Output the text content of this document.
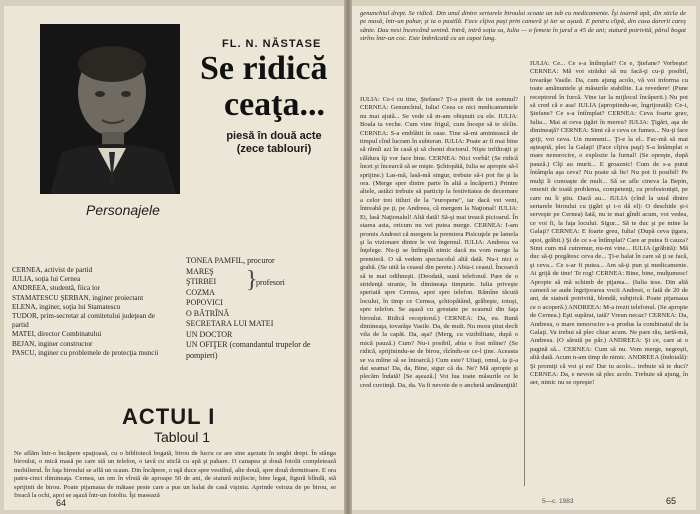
FL. N. NĂSTASE
Se ridică
ceaţa...
piesă în două acte (zece tablouri)
Personajele
CERNEA, activist de partid
IULIA, soţia lui Cernea
ANDREEA, studentă, fiica lor
STAMATESCU ŞERBAN, inginer proiectant
ELENA, inginer, soţia lui Stamatescu
TUDOR, prim-secretar al comitetului judeţean de partid
MATEI, director Combinatului
BEJAN, inginer constructor
PASCU, inginer cu problemele de protecţia muncii
TONEA PAMFIL, procuror
MAREŞ
ŞTIRBEI
COZMA
POPOVICI
O BĂTRÎNĂ
SECRETARA LUI MATEI
UN DOCTOR
UN OFIŢER (comandantul trupelor de pompieri)
}
profesori
ACTUL I
Tabloul 1
Ne aflăm într-o încăpere spaţioasă, cu o bibliotecă bogată, birou de lucru ce are sine aşezate în unghi drept. În stânga biroului, o mică masă pe care stă un telefon, o tavă cu sticlă cu apă şi pahare. O canapea şi două fotolii completează mobilierul. În faţa biroului se află un scaun. Din încăpere, o uşă duce spre vestibul, alte două, spre două dormitoare. E ora patru-cinci dimineaţa. Cernea, un om în vîrstă de aproape 50 de ani, de statură mijlocie, bine legat, figură blîndă, stă sprijinit de birou. Poate pijamaua de mătase peste care a pus un halat de casă vişiniu. Aprinde veioza de pe birou, se freacă la ochi, apoi se aşază într-un fotoliu. Îşi masează
64
genunchiul drept. Se ridică. Din unul dintre sertarele biroului scoate un tub cu medicamente. Îşi toarnă apă, din sticla de pe masă, într-un pahar, şi ia o pastilă. Face cîţiva paşi prin cameră şi iar se aşază. E pentru clipă, din casa darerii careş sănie. Dau nesi încercând senină. Intră, intră soţia sa, Iulia — o femeie în jurul a 45 de ani; statură potrivită, părul bogat strîns într-un coc. Este îmbrăcată cu un capot lung.
IULIA: Ce-i cu tine, Ştefane? Ţi-a pierit de tot somnul? CERNEA: Genunchiul, Iulia! Ceea ce nici medicamentele nu mai ajută... Se vede că m-am obişnuit cu ele. IULIA: Boala ta veche. Cum vine frigul, cum începe să te sîcîie. CERNEA: S-a emblătit în oase. Tine să-mi amintească de timpul cînd lucram în subteran. IULIA: Poate ar fi mai bine să rămîi azi în casă şi să chemi doctorul. Nişte infiltraţii şi căldura îţi vor face bine. CERNEA: Nici vorbă! (Se ridică încet şi încearcă să se mişte. Şchiopătă, Iulia se apropie să-l sprijine.) Las-mă, lasă-mă singur, trebuie să-i pot fie şi la ora. (Merge spre dintre parte în altă a încăperii.) Printre altele, astăzi trebuie să particip la festivitatea de decernare a celor trei titluri de la "europene", iar dacă vei veni, întreabă pe ţi, pe Andreea, că mergem la Naţional! IULIA: Ei, lasă Naţionalul! Altă dată! Să-şi mai treacă picioarul. În starea asta, oricum nu vei putea merge. CERNEA: I-am promis Andreei că mergem la premiera Pisicuţele pe lamela şi la vizionare dintre le voi îngemul. IULIA: Andreea va înţelege. Nu-ţi se întîmplă nimic dacă nu vom merge la premieră. O să vedem spectacolul altă dată. Nu-i nici o grabă. (Se uită la ceasul din perete.) Abia-i ceasul. Încearcă să te mai odihneşti. (Deodată, sună telefonul. Pare de o stridenţă stranie, în dimineaţa timpurie. Iulia priveşte speriată spre Cernea, apoi spre telefon. Rămîne tăcută locului, în timp ce Cernea, şchiopătând, grăbeşte, totuşi, spre telefon. Se aşază cu greutate pe scaunul din faţa biroului. Ridică receptorul.) CERNEA: Da, eu. Bună dimineaţa, tovarăşe Vasile. Da, de mult. Nu mora ştiut decît vila de la capăt. Da, aşa? (Merg, cu vizibilitate, după o mică pauză.) Cum? Nu-i posibil, abia e fost mîine? (Se ridică, sprijinindu-se de birou, rîzîndu-se ce-l ţine. Aceasta se va mîine să se întoarcă.) Cum este? Uitaţi, omul, ia ţi-a dat seama! Da, da, Bine, sigur că da. Ne? Mă apropie şi plecăm îndată! [Se aşează.] Voi lua toate măsurile ce le cred cuviinţă. Da, da. Va fi nevoie de o anchetă amănunţită!
IULIA: Ce... Ce s-a întîmplat? Ce e, Ştefane? Vorbeşte! CERNEA: Mă voi strădui să nu facă-ţi cu-ţi posibil, tovarăşe Vasile. Da, cum ajung acolo, vă voi informa cu toate amănuntele şi măsurile stabilite. La revedere! (Pune receptorul în furcă. Vine iar la mijlocul încăperii.) Nu pot să cred că e asa! IULIA (apropiindu-se, îngrijorată): Ce-i, Ştefane? Ce s-a întîmplat? CERNEA: Ceva foarte grav, Iulia... Mai ai ceva ţigări în mereu? IULIA: Ţigări, aşa de dimineaţă? CERNEA: Simt că e ceva ce fumez... Nu-ţi face griji, voi ceva. Un moment... Ţi-e la el.. Fac-mă să mai aşteaptă, plec la Galaţi! (Face cîţiva paşi) S-a întâmplat o mare nenorocire, o explozie la furnal! (Se opreşte, după pauză.) Cîţi au murit... E groaznic! Cum de s-a putut întâmpla aşa ceva? Nu poate să fie! Nu pot fi posibil! Pe mulţi îi cunoaşte de mult... Să se afle cineva la Bepin, omenii de toată problema, competenţi, cu profesionişti, pe care nu îi ştiu. Dacă au... IULIA (cînd la unul dintre sertarele biroului cu ţigări şi i-o dă el): O deschide şi-i serveşte pe Cernea) Iată, nu te mai gîndi acum, voi vedea, ce voi fi, la faţa locului. Sigur... Să te duc şi pe mine la Galaţi? CERNEA: E foarte greu, Iulia! (După ceva ţigara, apoi, grăbit.) Şi de ce s-a întîmplat? Care ar putea fi cauza? Simt cum mă cutremur, nu-mi vine... IULIA (grăbită): Mă duc să-ţi pregătesc ceva de... Ţi-e halat în care să ţi se facă, şi ceva... Ce s-ar fi putea... Am să-ţi pun şi medicamente. Ai grijă de tine! Te rog! CERNEA: Bine, bine, mulţumesc! Apropie să mă schimb de pijama... (Iulia iese. Din altă cameră se aude îngrijorarea vocii Andreei, o fată de 20 de ani, de statură potrivită, blondă, subţirică. Poate pijamaua ce o acoperă.) ANDREEA: M-a trezit telefonul. (Se apropie de Cernea.) Eşti supărat, tată? Vreun necaz? CERNEA: Da, Andreea, o mare nenorocire s-a produs la combinatul de la Galaţi. Va trebui să plec chiar acum. Ne pare rău, iartă-mă, Andreea. (O sărută pe păr.) ANDREEA: Şi ce, care ai o pagină să... CERNEA: Cum să nu. Vom merge, negreşit, altă dată. Acum n-am timp de nimic. ANDREEA (îndoială): Şi promiţi că voi şi eu! Dar tu acolo... trebuie să te duci? CERNEA: Da, e nevoie să plec acolo. Trebuie să ajung, în aer, nimic nu se opreşte!
5—c. 1983	65
